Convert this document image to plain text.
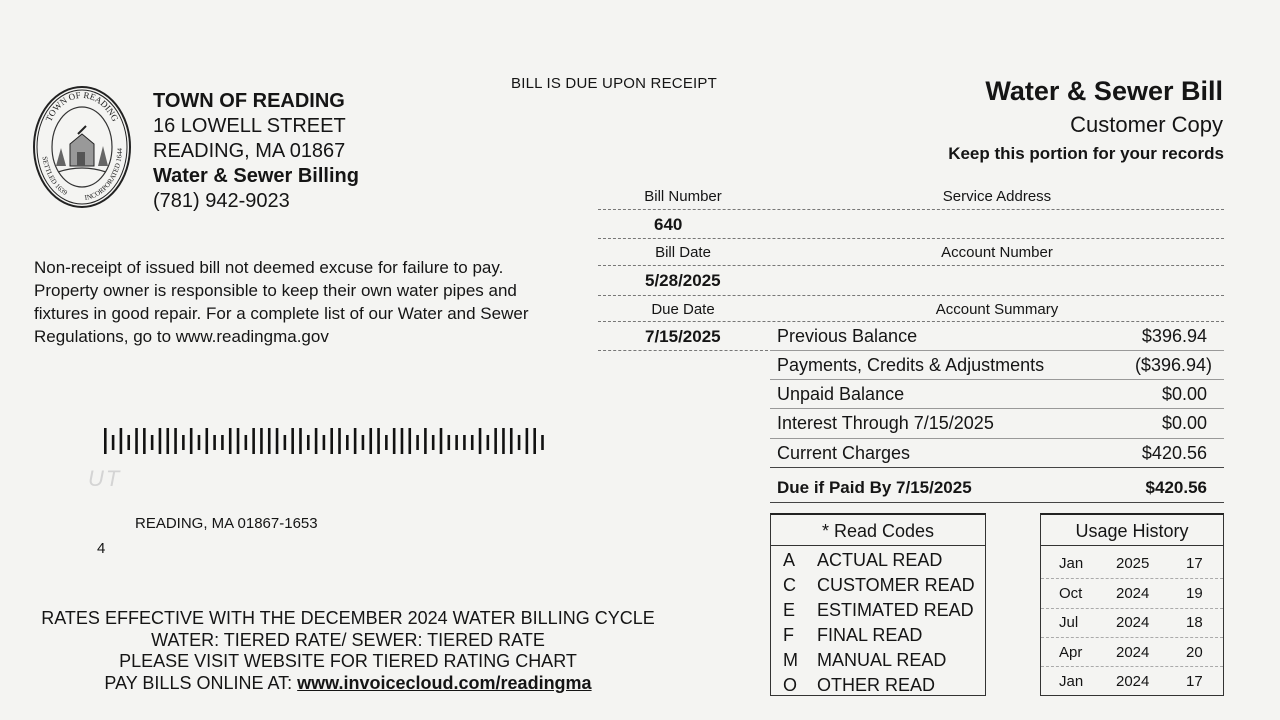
TOWN OF READING
SETTLED 1639
INCORPORATED 1644
TOWN OF READING
16 LOWELL STREET
READING, MA 01867
Water & Sewer Billing
(781) 942-9023
BILL IS DUE UPON RECEIPT	Water & Sewer Bill
Customer Copy
Keep this portion for your records

Non-receipt of issued bill not deemed excuse for failure to pay.

Property owner is responsible to keep their own water pipes and

fixtures in good repair. For a complete list of our Water and Sewer

Regulations, go to www.readingma.gov

UT
READING, MA 01867-1653
4
RATES EFFECTIVE WITH THE DECEMBER 2024 WATER BILLING CYCLE
WATER: TIERED RATE/ SEWER: TIERED RATE
PLEASE VISIT WEBSITE FOR TIERED RATING CHART
PAY BILLS ONLINE AT: www.invoicecloud.com/readingma
Bill Number	Service Address
640
Bill Date	Account Number
5/28/2025
Due Date	Account Summary
7/15/2025	Previous Balance	$396.94
Payments, Credits & Adjustments	($396.94)
Unpaid Balance	$0.00
Interest Through 7/15/2025	$0.00
Current Charges	$420.56
Due if Paid By 7/15/2025	$420.56
* Read Codes
A ACTUAL READ
C CUSTOMER READ
E ESTIMATED READ
F FINAL READ
M MANUAL READ
O OTHER READ
Usage History
Jan 2025 17
Oct 2024 19
Jul	2024 18
Apr 2024 20
Jan 2024 17
